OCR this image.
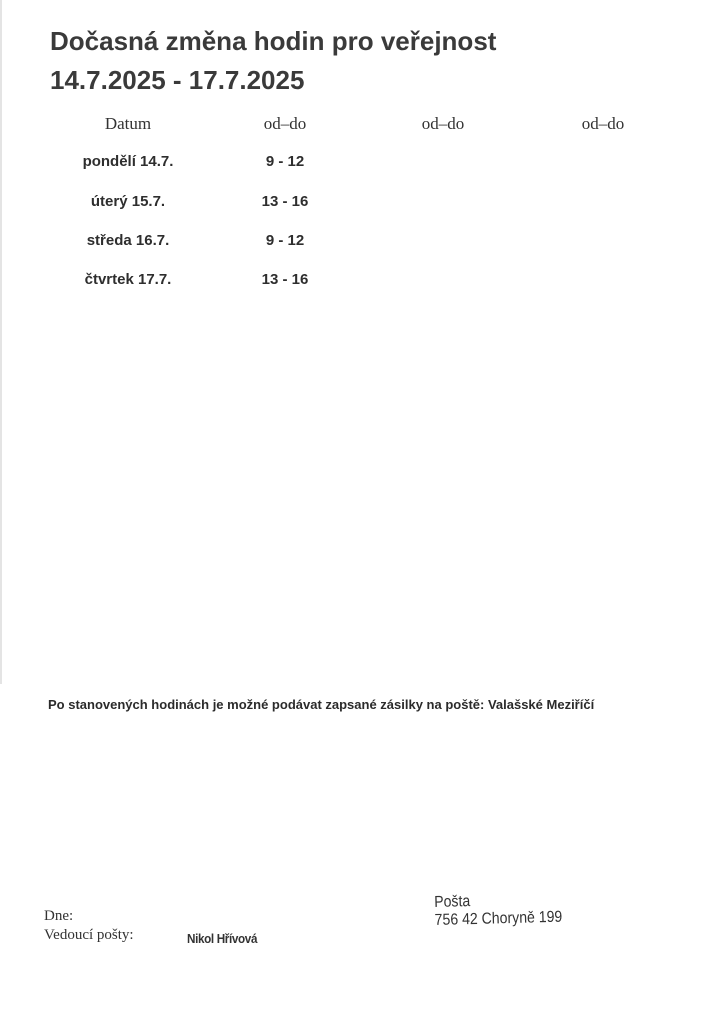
Dočasná změna hodin pro veřejnost
14.7.2025 - 17.7.2025
Datum	od–do	od–do	od–do
pondělí 14.7.	9 - 12
úterý 15.7.	13 - 16
středa 16.7.	9 - 12
čtvrtek 17.7.	13 - 16
Po stanovených hodinách je možné podávat zapsané zásilky na poště: Valašské Meziříčí
Dne:
Vedoucí pošty:	Nikol Hřívová
Pošta
756 42 Choryně 199
